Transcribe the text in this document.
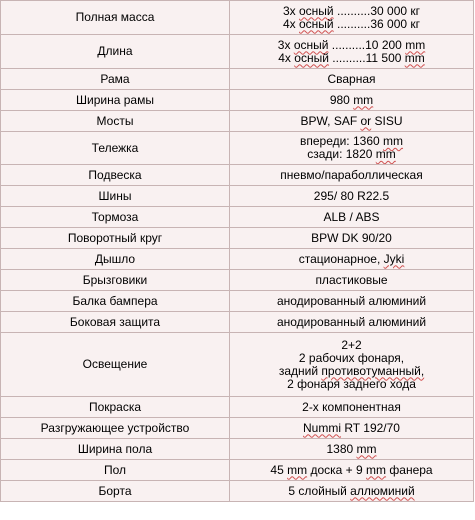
Полная масса	3х осный ..........30 000 кг
4х осный ..........36 000 кг

Длина	3х осный ..........10 200 mm
4х осный ..........11 500 mm

Рама	Сварная

Ширина рамы	980 mm

Мосты	BPW, SAF or SISU

Тележка	впереди: 1360 mm
сзади: 1820 mm

Подвеска	пневмо/параболлическая

Шины	295/ 80 R22.5

Тормоза	ALB / ABS

Поворотный круг	BPW DK 90/20

Дышло	стационарное, Jyki

Брызговики	пластиковые

Балка бампера	анодированный алюминий

Боковая защита	анодированный алюминий

Освещение	2+2
2 рабочих фонаря,
задний противотуманный,
2 фонаря заднего хода

Покраска	2-х компонентная

Разгружающее устройство	Nummi RT 192/70

Ширина пола	1380 mm

Пол	45 mm доска + 9 mm фанера

Борта	5 слойный аллюминий
